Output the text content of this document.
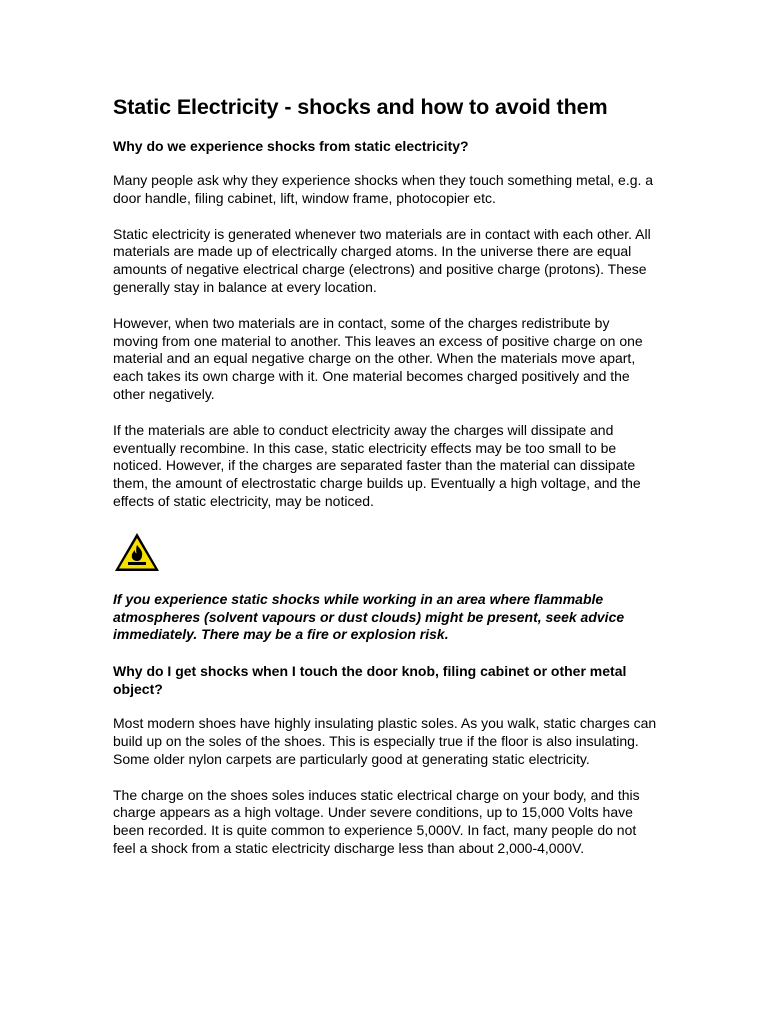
Static Electricity - shocks and how to avoid them
Why do we experience shocks from static electricity?

Many people ask why they experience shocks when they touch something metal, e.g. a door handle, filing cabinet, lift, window frame, photocopier etc.

Static electricity is generated whenever two materials are in contact with each other. All materials are made up of electrically charged atoms. In the universe there are equal amounts of negative electrical charge (electrons) and positive charge (protons). These generally stay in balance at every location.

However, when two materials are in contact, some of the charges redistribute by moving from one material to another. This leaves an excess of positive charge on one material and an equal negative charge on the other. When the materials move apart, each takes its own charge with it. One material becomes charged positively and the other negatively.

If the materials are able to conduct electricity away the charges will dissipate and eventually recombine. In this case, static electricity effects may be too small to be noticed. However, if the charges are separated faster than the material can dissipate them, the amount of electrostatic charge builds up. Eventually a high voltage, and the effects of static electricity, may be noticed.

If you experience static shocks while working in an area where flammable atmospheres (solvent vapours or dust clouds) might be present, seek advice immediately. There may be a fire or explosion risk.

Why do I get shocks when I touch the door knob, filing cabinet or other metal object?

Most modern shoes have highly insulating plastic soles. As you walk, static charges can build up on the soles of the shoes. This is especially true if the floor is also insulating. Some older nylon carpets are particularly good at generating static electricity.

The charge on the shoes soles induces static electrical charge on your body, and this charge appears as a high voltage. Under severe conditions, up to 15,000 Volts have been recorded. It is quite common to experience 5,000V. In fact, many people do not feel a shock from a static electricity discharge less than about 2,000-4,000V.
